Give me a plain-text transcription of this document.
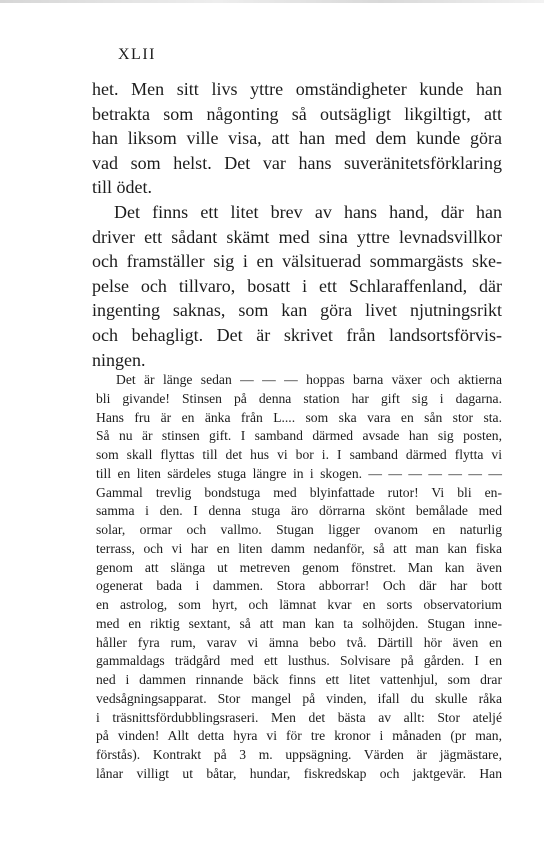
XLII
het. Men sitt livs yttre omständigheter kunde han
betrakta som någonting så outsägligt likgiltigt, att
han liksom ville visa, att han med dem kunde göra
vad som helst. Det var hans suveränitetsförklaring
till ödet.
Det finns ett litet brev av hans hand, där han
driver ett sådant skämt med sina yttre levnadsvillkor
och framställer sig i en välsituerad sommargästs ske-
pelse och tillvaro, bosatt i ett Schlaraffenland, där
ingenting saknas, som kan göra livet njutningsrikt
och behagligt. Det är skrivet från landsortsförvis-
ningen.
Det är länge sedan — — — hoppas barna växer och aktierna
bli givande! Stinsen på denna station har gift sig i dagarna.
Hans fru är en änka från L.... som ska vara en sån stor sta.
Så nu är stinsen gift. I samband därmed avsade han sig posten,
som skall flyttas till det hus vi bor i. I samband därmed flytta vi
till en liten särdeles stuga längre in i skogen. — — — — — — —
Gammal trevlig bondstuga med blyinfattade rutor! Vi bli en-
samma i den. I denna stuga äro dörrarna skönt bemålade med
solar, ormar och vallmo. Stugan ligger ovanom en naturlig
terrass, och vi har en liten damm nedanför, så att man kan fiska
genom att slänga ut metreven genom fönstret. Man kan även
ogenerat bada i dammen. Stora abborrar! Och där har bott
en astrolog, som hyrt, och lämnat kvar en sorts observatorium
med en riktig sextant, så att man kan ta solhöjden. Stugan inne-
håller fyra rum, varav vi ämna bebo två. Därtill hör även en
gammaldags trädgård med ett lusthus. Solvisare på gården. I en
ned i dammen rinnande bäck finns ett litet vattenhjul, som drar
vedsågningsapparat. Stor mangel på vinden, ifall du skulle råka
i träsnittsfördubblingsraseri. Men det bästa av allt: Stor ateljé
på vinden! Allt detta hyra vi för tre kronor i månaden (pr man,
förstås). Kontrakt på 3 m. uppsägning. Värden är jägmästare,
lånar villigt ut båtar, hundar, fiskredskap och jaktgevär. Han
